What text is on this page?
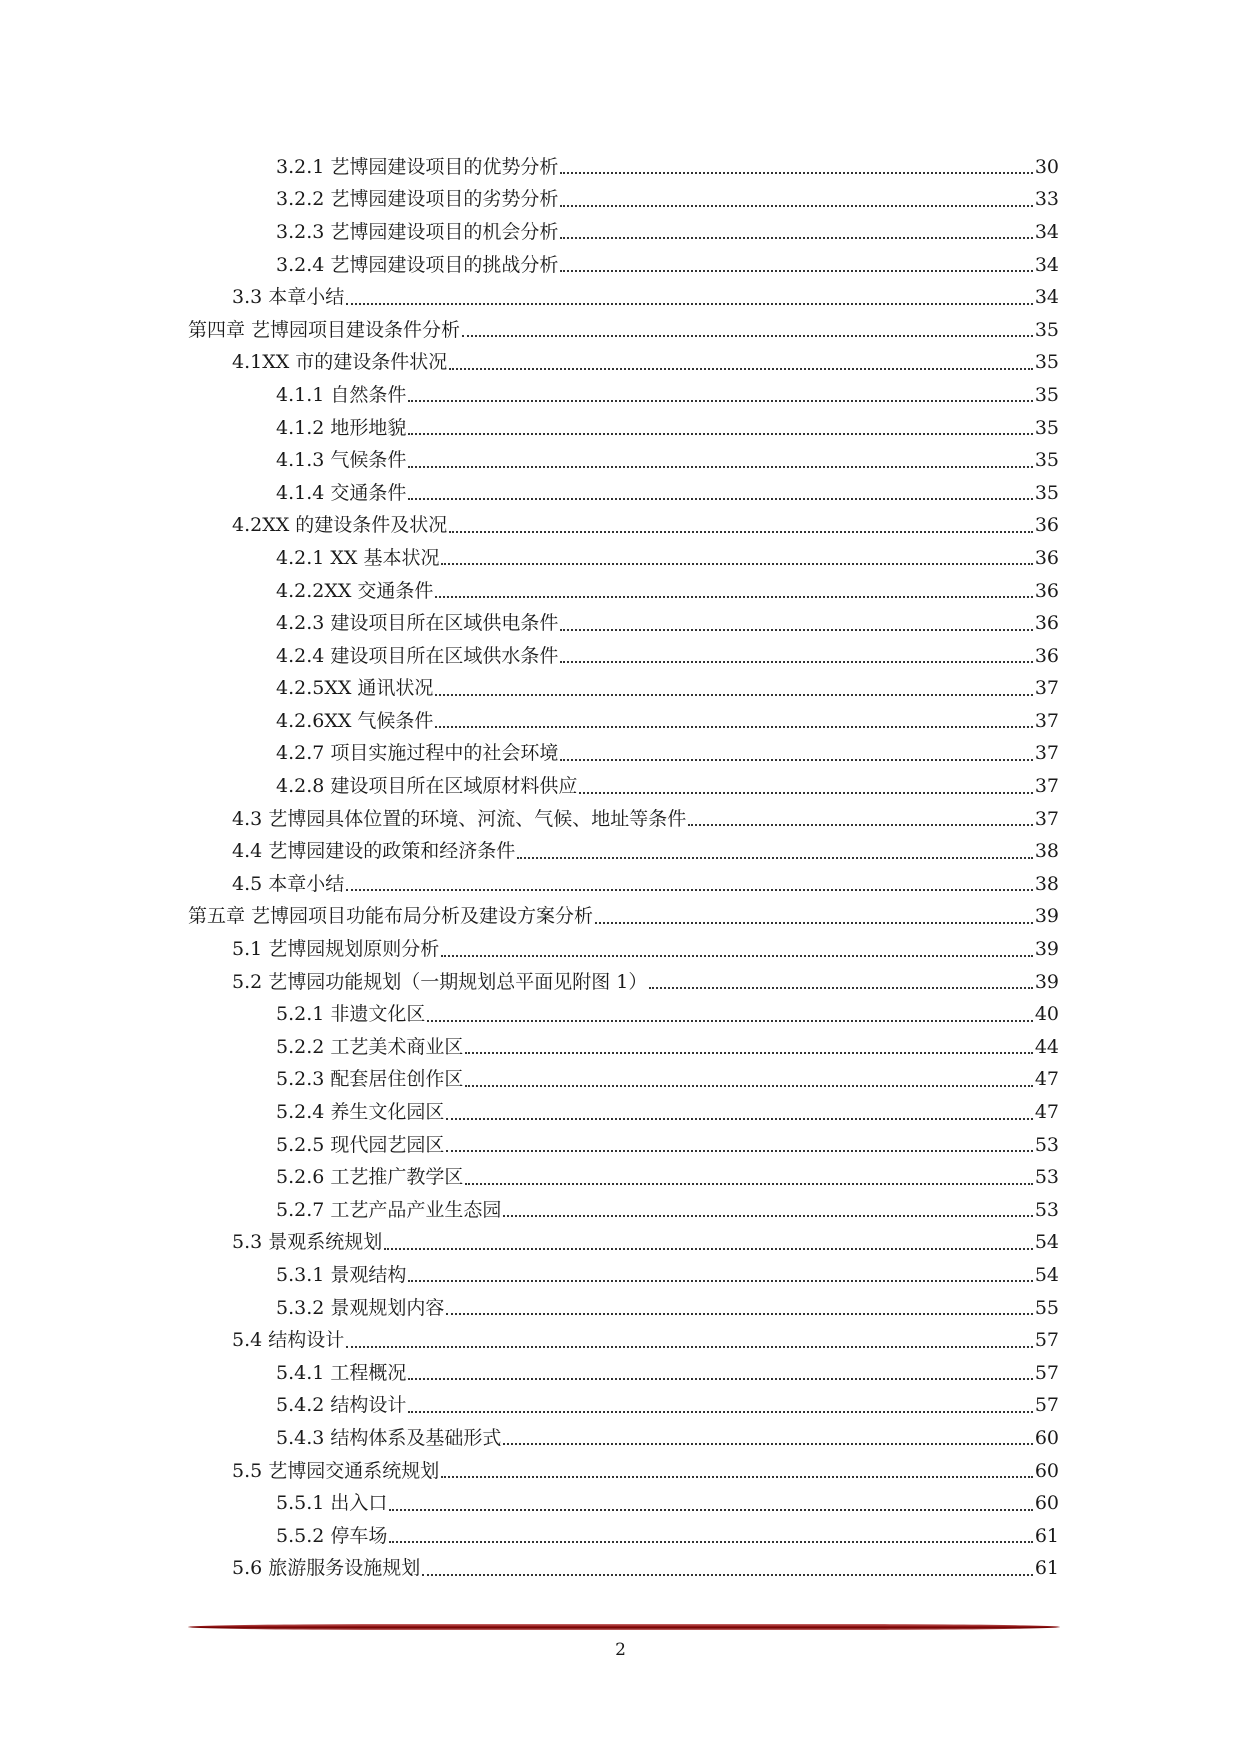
3.2.1 艺博园建设项目的优势分析	30
3.2.2 艺博园建设项目的劣势分析	33
3.2.3 艺博园建设项目的机会分析	34
3.2.4 艺博园建设项目的挑战分析	34
3.3 本章小结	34
第四章 艺博园项目建设条件分析	35
4.1XX 市的建设条件状况	35
4.1.1 自然条件	35
4.1.2 地形地貌	35
4.1.3 气候条件	35
4.1.4 交通条件	35
4.2XX 的建设条件及状况	36
4.2.1 XX 基本状况	36
4.2.2XX 交通条件	36
4.2.3 建设项目所在区域供电条件	36
4.2.4 建设项目所在区域供水条件	36
4.2.5XX 通讯状况	37
4.2.6XX 气候条件	37
4.2.7 项目实施过程中的社会环境	37
4.2.8 建设项目所在区域原材料供应	37
4.3 艺博园具体位置的环境、河流、气候、地址等条件	37
4.4 艺博园建设的政策和经济条件	38
4.5 本章小结	38
第五章 艺博园项目功能布局分析及建设方案分析	39
5.1 艺博园规划原则分析	39
5.2 艺博园功能规划（一期规划总平面见附图 1）	39
5.2.1 非遗文化区	40
5.2.2 工艺美术商业区	44
5.2.3 配套居住创作区	47
5.2.4 养生文化园区	47
5.2.5 现代园艺园区	53
5.2.6 工艺推广教学区	53
5.2.7 工艺产品产业生态园	53
5.3 景观系统规划	54
5.3.1 景观结构	54
5.3.2 景观规划内容	55
5.4 结构设计	57
5.4.1 工程概况	57
5.4.2 结构设计	57
5.4.3 结构体系及基础形式	60
5.5 艺博园交通系统规划	60
5.5.1 出入口	60
5.5.2 停车场	61
5.6 旅游服务设施规划	61
2
